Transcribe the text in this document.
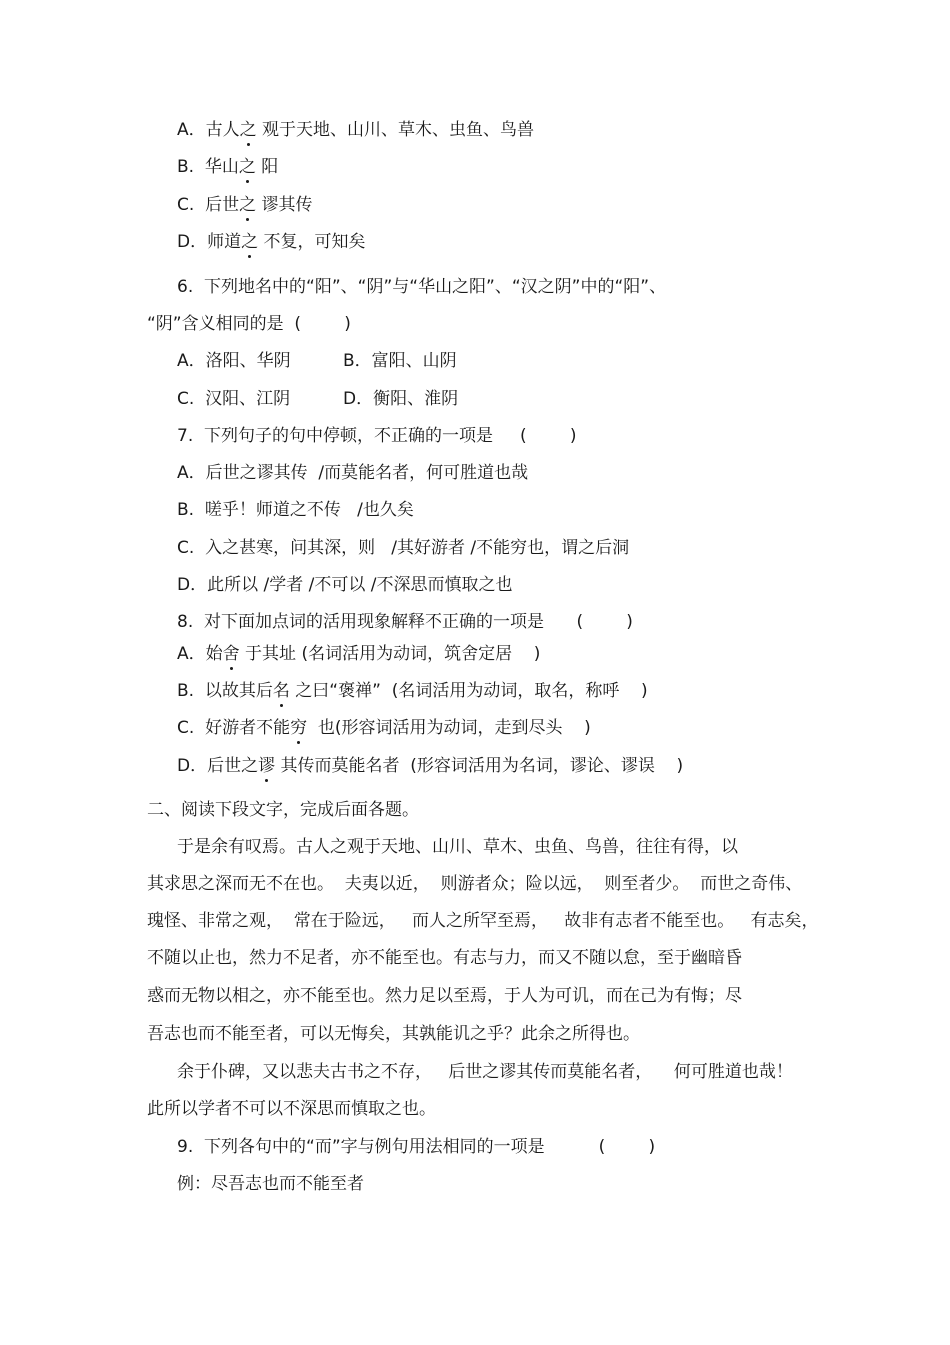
A．古人之 观于天地、山川、草木、虫鱼、鸟兽
B. 华山之 阳
C. 后世之 谬其传
D．师道之 不复，可知矣
6.  下列地名中的“阳”、“阴”与“华山之阳”、“汉之阴”中的“阳”、
“阴”含义相同的是  (        )
A．洛阳、华阴	B．富阳、山阴
C.  汉阳、江阴	D．衡阳、淮阴
7.  下列句子的句中停顿，不正确的一项是     (        )
A．后世之谬其传  /而莫能名者，何可胜道也哉
B.  嗟乎！师道之不传   /也久矣
C.  入之甚寒，问其深，则   /其好游者 /不能穷也，谓之后洞
D．此所以 /学者 /不可以 /不深思而慎取之也
8.  对下面加点词的活用现象解释不正确的一项是      (        )
A．始舍 于其址 (名词活用为动词，筑舍定居    )
B. 以故其后名 之曰“褒禅”  (名词活用为动词，取名，称呼    )
C. 好游者不能穷  也(形容词活用为动词，走到尽头    )
D．后世之谬 其传而莫能名者  (形容词活用为名词，谬论、谬误    )
二、阅读下段文字，完成后面各题。
于是余有叹焉。古人之观于天地、山川、草木、虫鱼、鸟兽，往往有得，以
其求思之深而无不在也。  夫夷以近，  则游者众；险以远，  则至者少。  而世之奇伟、
瑰怪、非常之观，  常在于险远，   而人之所罕至焉，   故非有志者不能至也。   有志矣，
不随以止也，然力不足者，亦不能至也。有志与力，而又不随以怠，至于幽暗昏
惑而无物以相之，亦不能至也。然力足以至焉，于人为可讥，而在己为有悔；尽
吾志也而不能至者，可以无悔矣，其孰能讥之乎？此余之所得也。
余于仆碑，又以悲夫古书之不存，   后世之谬其传而莫能名者，    何可胜道也哉！
此所以学者不可以不深思而慎取之也。
9.  下列各句中的“而”字与例句用法相同的一项是          (        )
例：尽吾志也而不能至者
